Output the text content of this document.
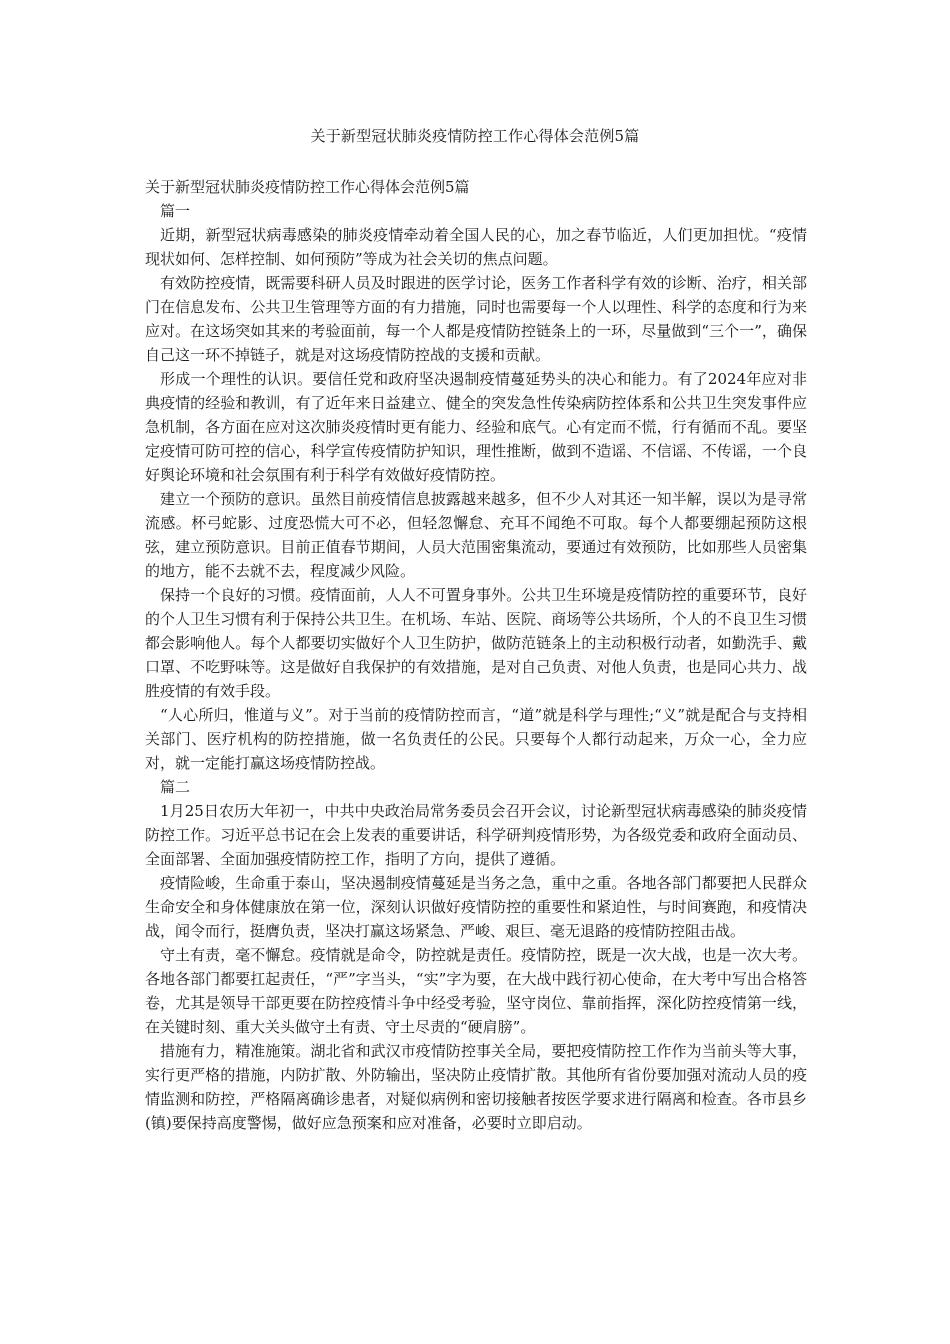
关于新型冠状肺炎疫情防控工作心得体会范例5篇

关于新型冠状肺炎疫情防控工作心得体会范例5篇

篇一

近期，新型冠状病毒感染的肺炎疫情牵动着全国人民的心，加之春节临近，人们更加担忧。“疫情现状如何、怎样控制、如何预防”等成为社会关切的焦点问题。

有效防控疫情，既需要科研人员及时跟进的医学讨论，医务工作者科学有效的诊断、治疗，相关部门在信息发布、公共卫生管理等方面的有力措施，同时也需要每一个人以理性、科学的态度和行为来应对。在这场突如其来的考验面前，每一个人都是疫情防控链条上的一环，尽量做到“三个一”，确保自己这一环不掉链子，就是对这场疫情防控战的支援和贡献。

形成一个理性的认识。要信任党和政府坚决遏制疫情蔓延势头的决心和能力。有了2024年应对非典疫情的经验和教训，有了近年来日益建立、健全的突发急性传染病防控体系和公共卫生突发事件应急机制，各方面在应对这次肺炎疫情时更有能力、经验和底气。心有定而不慌，行有循而不乱。要坚定疫情可防可控的信心，科学宣传疫情防护知识，理性推断，做到不造谣、不信谣、不传谣，一个良好舆论环境和社会氛围有利于科学有效做好疫情防控。

建立一个预防的意识。虽然目前疫情信息披露越来越多，但不少人对其还一知半解，误以为是寻常流感。杯弓蛇影、过度恐慌大可不必，但轻忽懈怠、充耳不闻绝不可取。每个人都要绷起预防这根弦，建立预防意识。目前正值春节期间，人员大范围密集流动，要通过有效预防，比如那些人员密集的地方，能不去就不去，程度减少风险。

保持一个良好的习惯。疫情面前，人人不可置身事外。公共卫生环境是疫情防控的重要环节，良好的个人卫生习惯有利于保持公共卫生。在机场、车站、医院、商场等公共场所，个人的不良卫生习惯都会影响他人。每个人都要切实做好个人卫生防护，做防范链条上的主动积极行动者，如勤洗手、戴口罩、不吃野味等。这是做好自我保护的有效措施，是对自己负责、对他人负责，也是同心共力、战胜疫情的有效手段。

“人心所归，惟道与义”。对于当前的疫情防控而言，“道”就是科学与理性;“义”就是配合与支持相关部门、医疗机构的防控措施，做一名负责任的公民。只要每个人都行动起来，万众一心，全力应对，就一定能打赢这场疫情防控战。

篇二

1月25日农历大年初一，中共中央政治局常务委员会召开会议，讨论新型冠状病毒感染的肺炎疫情防控工作。习近平总书记在会上发表的重要讲话，科学研判疫情形势，为各级党委和政府全面动员、全面部署、全面加强疫情防控工作，指明了方向，提供了遵循。

疫情险峻，生命重于泰山，坚决遏制疫情蔓延是当务之急，重中之重。各地各部门都要把人民群众生命安全和身体健康放在第一位，深刻认识做好疫情防控的重要性和紧迫性，与时间赛跑，和疫情决战，闻令而行，挺膺负责，坚决打赢这场紧急、严峻、艰巨、毫无退路的疫情防控阻击战。

守土有责，毫不懈怠。疫情就是命令，防控就是责任。疫情防控，既是一次大战，也是一次大考。各地各部门都要扛起责任，“严”字当头，“实”字为要，在大战中践行初心使命，在大考中写出合格答卷，尤其是领导干部更要在防控疫情斗争中经受考验，坚守岗位、靠前指挥，深化防控疫情第一线，在关键时刻、重大关头做守土有责、守土尽责的“硬肩膀”。

措施有力，精准施策。湖北省和武汉市疫情防控事关全局，要把疫情防控工作作为当前头等大事，实行更严格的措施，内防扩散、外防输出，坚决防止疫情扩散。其他所有省份要加强对流动人员的疫情监测和防控，严格隔离确诊患者，对疑似病例和密切接触者按医学要求进行隔离和检查。各市县乡(镇)要保持高度警惕，做好应急预案和应对准备，必要时立即启动。
